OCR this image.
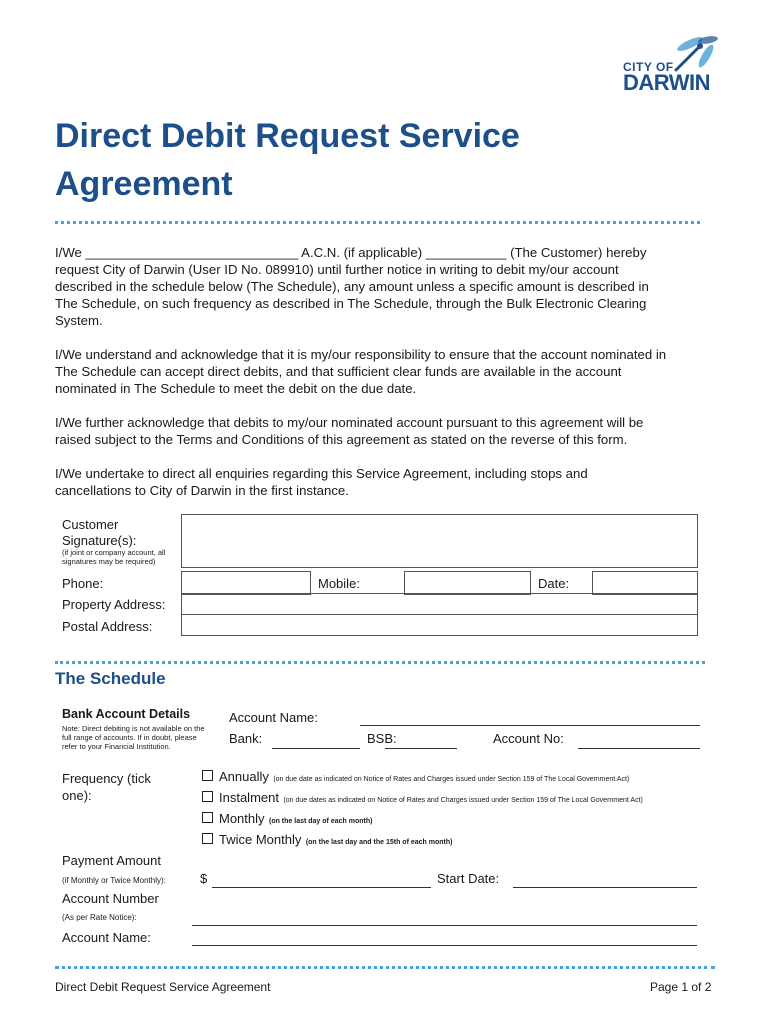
CITY OF
DARWIN
Direct Debit Request Service
Agreement
I/We _____________________________ A.C.N. (if applicable) ___________ (The Customer) hereby
request City of Darwin (User ID No. 089910) until further notice in writing to debit my/our account
described in the schedule below (The Schedule), any amount unless a specific amount is described in
The Schedule, on such frequency as described in The Schedule, through the Bulk Electronic Clearing
System.
I/We understand and acknowledge that it is my/our responsibility to ensure that the account nominated in
The Schedule can accept direct debits, and that sufficient clear funds are available in the account
nominated in The Schedule to meet the debit on the due date.
I/We further acknowledge that debits to my/our nominated account pursuant to this agreement will be
raised subject to the Terms and Conditions of this agreement as stated on the reverse of this form.
I/We undertake to direct all enquiries regarding this Service Agreement, including stops and
cancellations to City of Darwin in the first instance.
Customer
Signature(s):
(if joint or company account, all
signatures may be required)
Phone:	Mobile:	Date:
Property Address:
Postal Address:
The Schedule
Bank Account Details
Note: Direct debiting is not available on the
full range of accounts. If in doubt, please
refer to your Financial Institution.
Account Name:
Bank:	BSB:	Account No:
Frequency (tick
one):
Annually (on due date as indicated on Notice of Rates and Charges issued under Section 159 of The Local Government Act)
Instalment (on due dates as indicated on Notice of Rates and Charges issued under Section 159 of The Local Government Act)
Monthly (on the last day of each month)
Twice Monthly (on the last day and the 15th of each month)
Payment Amount
(if Monthly or Twice Monthly):	$	Start Date:
Account Number
(As per Rate Notice):
Account Name:
Direct Debit Request Service Agreement	Page 1 of 2
